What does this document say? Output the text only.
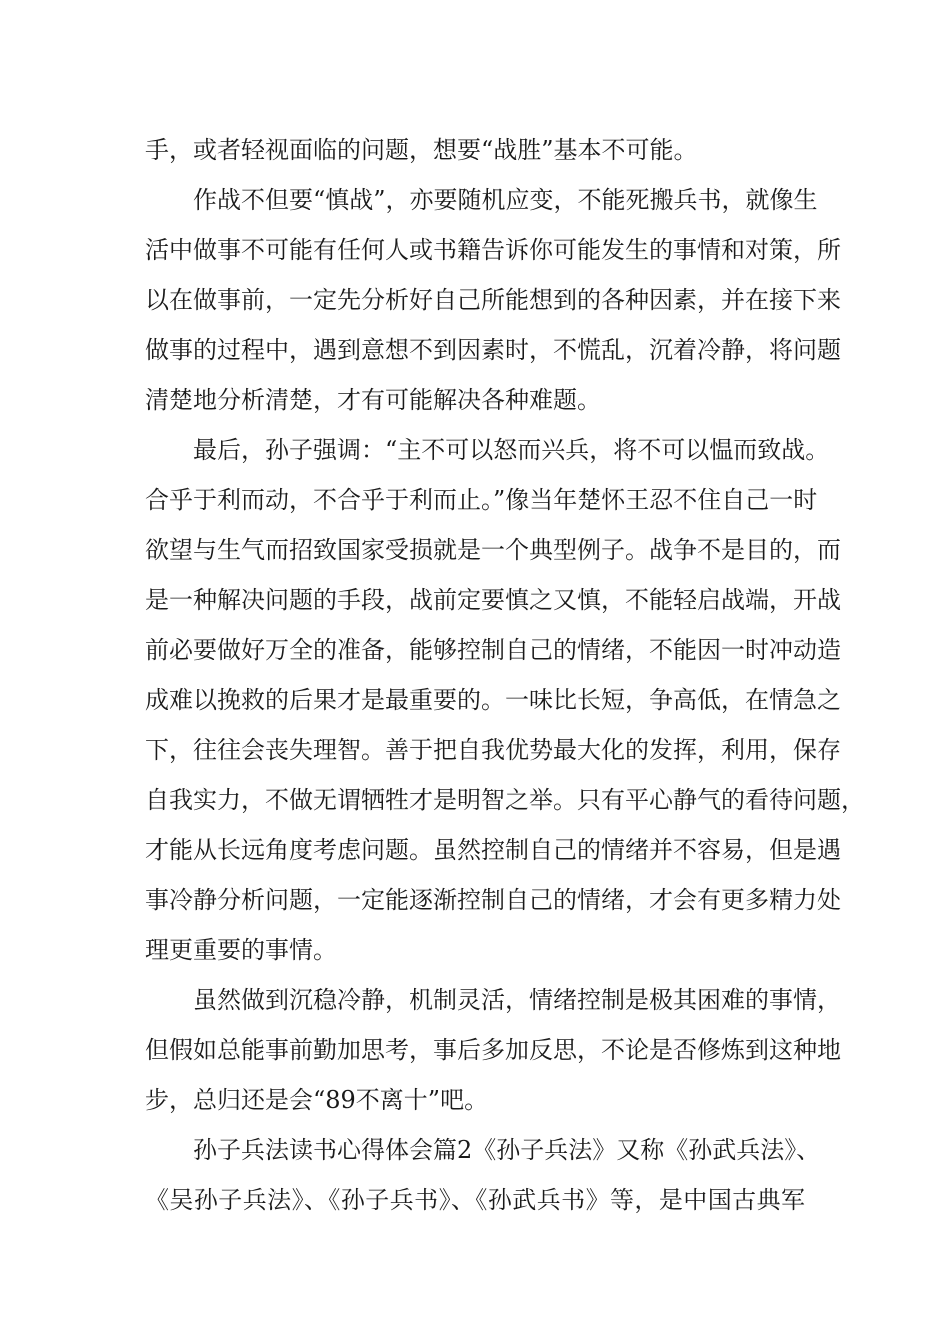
手，或者轻视面临的问题，想要“战胜”基本不可能。
作战不但要“慎战”，亦要随机应变，不能死搬兵书，就像生
活中做事不可能有任何人或书籍告诉你可能发生的事情和对策，所
以在做事前，一定先分析好自己所能想到的各种因素，并在接下来
做事的过程中，遇到意想不到因素时，不慌乱，沉着冷静，将问题
清楚地分析清楚，才有可能解决各种难题。
最后，孙子强调：“主不可以怒而兴兵，将不可以愠而致战。
合乎于利而动，不合乎于利而止。”像当年楚怀王忍不住自己一时
欲望与生气而招致国家受损就是一个典型例子。战争不是目的，而
是一种解决问题的手段，战前定要慎之又慎，不能轻启战端，开战
前必要做好万全的准备，能够控制自己的情绪，不能因一时冲动造
成难以挽救的后果才是最重要的。一味比长短，争高低，在情急之
下，往往会丧失理智。善于把自我优势最大化的发挥，利用，保存
自我实力，不做无谓牺牲才是明智之举。只有平心静气的看待问题，
才能从长远角度考虑问题。虽然控制自己的情绪并不容易，但是遇
事冷静分析问题，一定能逐渐控制自己的情绪，才会有更多精力处
理更重要的事情。
虽然做到沉稳冷静，机制灵活，情绪控制是极其困难的事情，
但假如总能事前勤加思考，事后多加反思，不论是否修炼到这种地
步，总归还是会“89不离十”吧。
孙子兵法读书心得体会篇2《孙子兵法》又称《孙武兵法》、
《吴孙子兵法》、《孙子兵书》、《孙武兵书》等，是中国古典军
